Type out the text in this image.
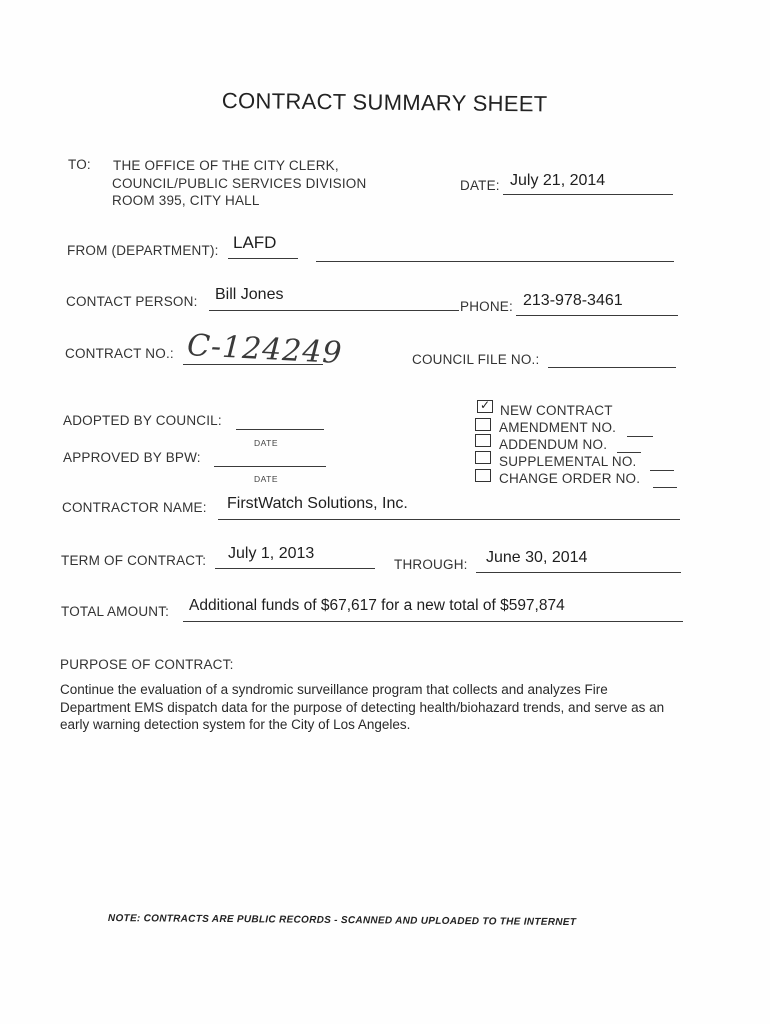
CONTRACT SUMMARY SHEET
TO: THE OFFICE OF THE CITY CLERK,
COUNCIL/PUBLIC SERVICES DIVISION
ROOM 395, CITY HALL
DATE: July 21, 2014
FROM (DEPARTMENT): LAFD
CONTACT PERSON: Bill Jones
PHONE: 213-978-3461
CONTRACT NO.: C-124249	COUNCIL FILE NO.:
ADOPTED BY COUNCIL:
DATE
APPROVED BY BPW:
DATE
✓ NEW CONTRACT
AMENDMENT NO.
ADDENDUM NO.
SUPPLEMENTAL NO.
CHANGE ORDER NO.
CONTRACTOR NAME: FirstWatch Solutions, Inc.
TERM OF CONTRACT: July 1, 2013
THROUGH: June 30, 2014
TOTAL AMOUNT: Additional funds of $67,617 for a new total of $597,874
PURPOSE OF CONTRACT:
Continue the evaluation of a syndromic surveillance program that collects and analyzes Fire Department EMS dispatch data for the purpose of detecting health/biohazard trends, and serve as an early warning detection system for the City of Los Angeles.
NOTE: CONTRACTS ARE PUBLIC RECORDS - SCANNED AND UPLOADED TO THE INTERNET
